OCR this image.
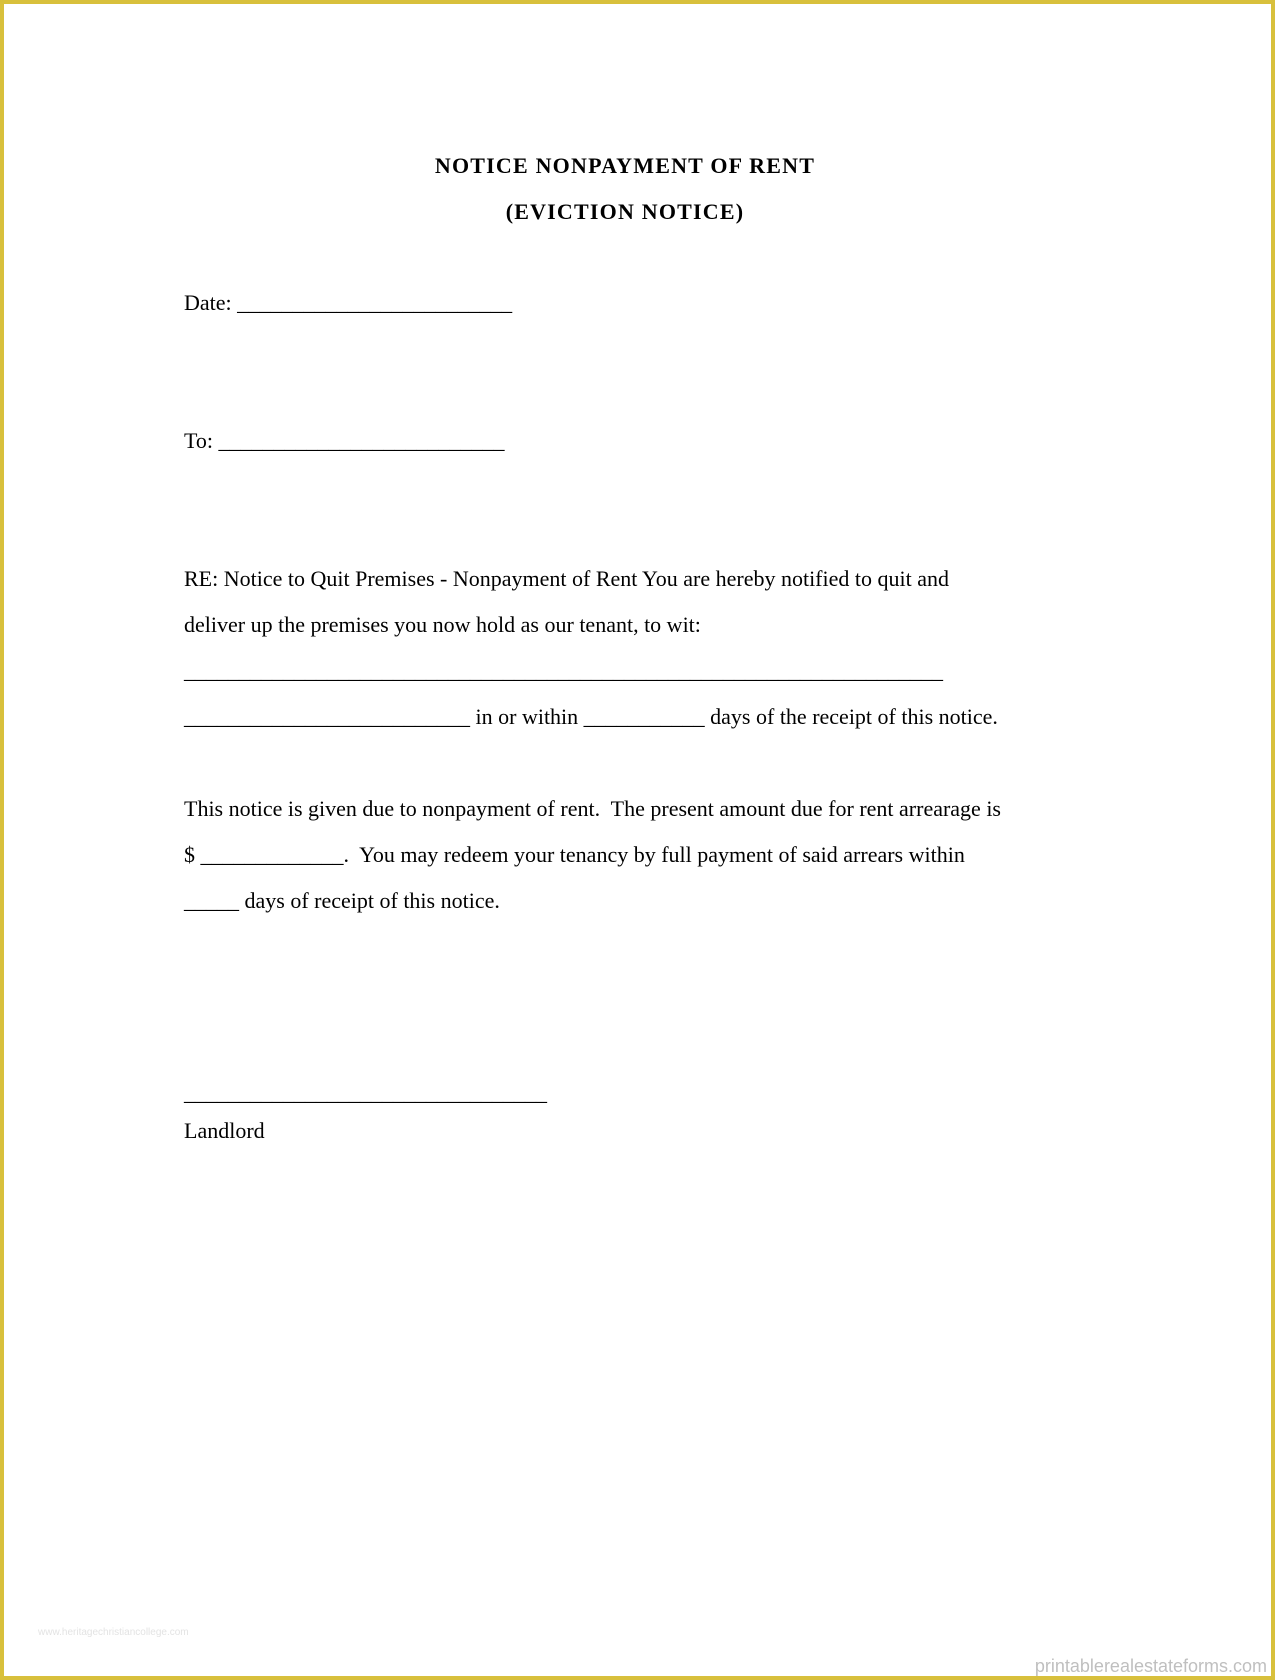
NOTICE NONPAYMENT OF RENT
(EVICTION NOTICE)
Date: _________________________
To: __________________________
RE: Notice to Quit Premises - Nonpayment of Rent You are hereby notified to quit and
deliver up the premises you now hold as our tenant, to wit:
_____________________________________________________________________
__________________________ in or within ___________ days of the receipt of this notice.
This notice is given due to nonpayment of rent.  The present amount due for rent arrearage is
$ _____________.  You may redeem your tenancy by full payment of said arrears within
_____ days of receipt of this notice.
_________________________________
Landlord
www.heritagechristiancollege.com
printablerealestateforms.com
